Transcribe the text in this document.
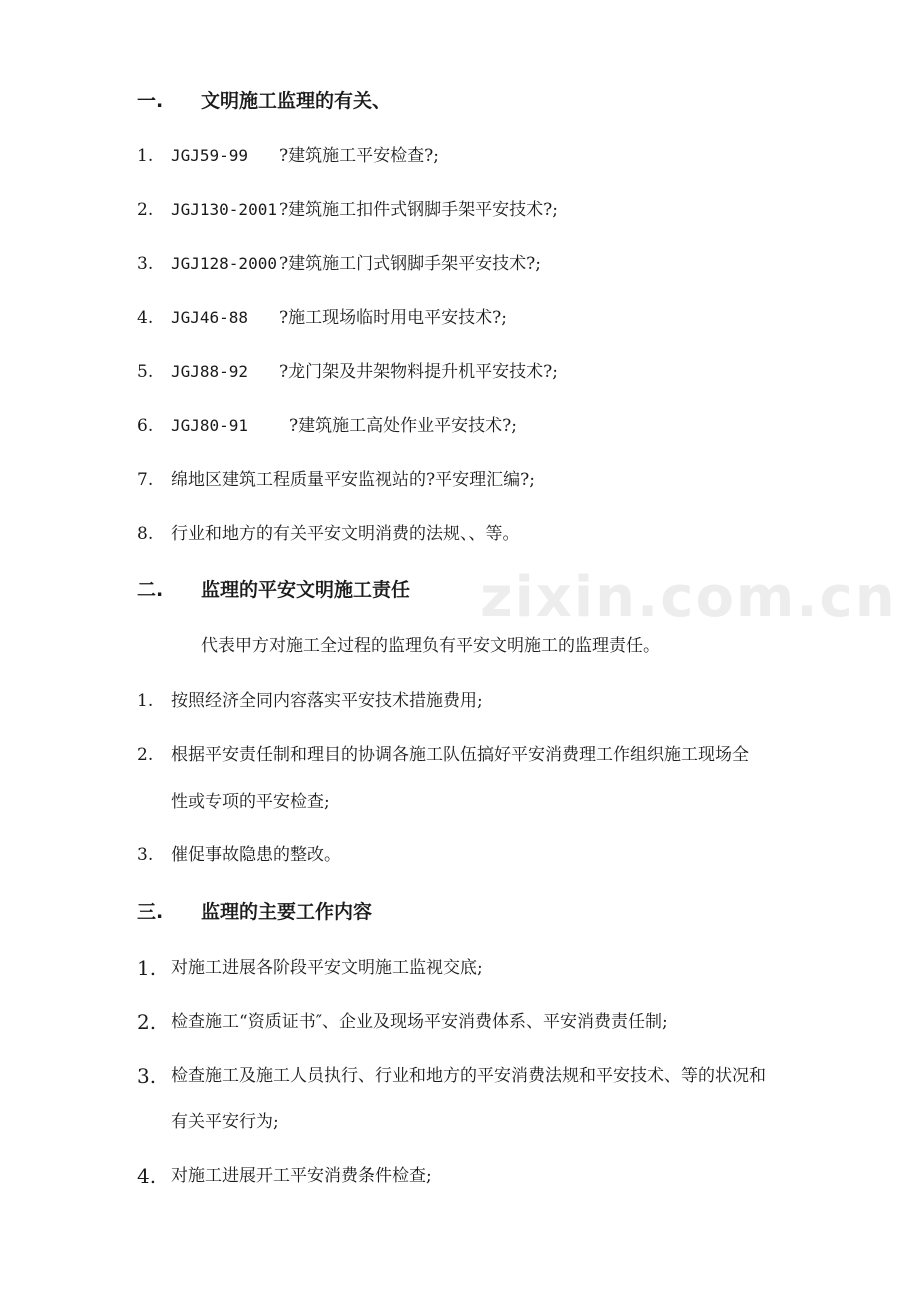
zixin.com.cn
一. 文明施工监理的有关、
1. JGJ59-99 ?建筑施工平安检查?;
2. JGJ130-2001 ?建筑施工扣件式钢脚手架平安技术?;
3. JGJ128-2000 ?建筑施工门式钢脚手架平安技术?;
4. JGJ46-88 ?施工现场临时用电平安技术?;
5. JGJ88-92 ?龙门架及井架物料提升机平安技术?;
6. JGJ80-91 ?建筑施工高处作业平安技术?;
7. 绵地区建筑工程质量平安监视站的?平安理汇编?;
8. 行业和地方的有关平安文明消费的法规、、等。
二. 监理的平安文明施工责任
代表甲方对施工全过程的监理负有平安文明施工的监理责任。
1. 按照经济全同内容落实平安技术措施费用;
2. 根据平安责任制和理目的协调各施工队伍搞好平安消费理工作组织施工现场全
性或专项的平安检查;
3. 催促事故隐患的整改。
三. 监理的主要工作内容
1. 对施工进展各阶段平安文明施工监视交底;
2. 检查施工“资质证书″、企业及现场平安消费体系、平安消费责任制;
3. 检查施工及施工人员执行、行业和地方的平安消费法规和平安技术、等的状况和
有关平安行为;
4. 对施工进展开工平安消费条件检查;
